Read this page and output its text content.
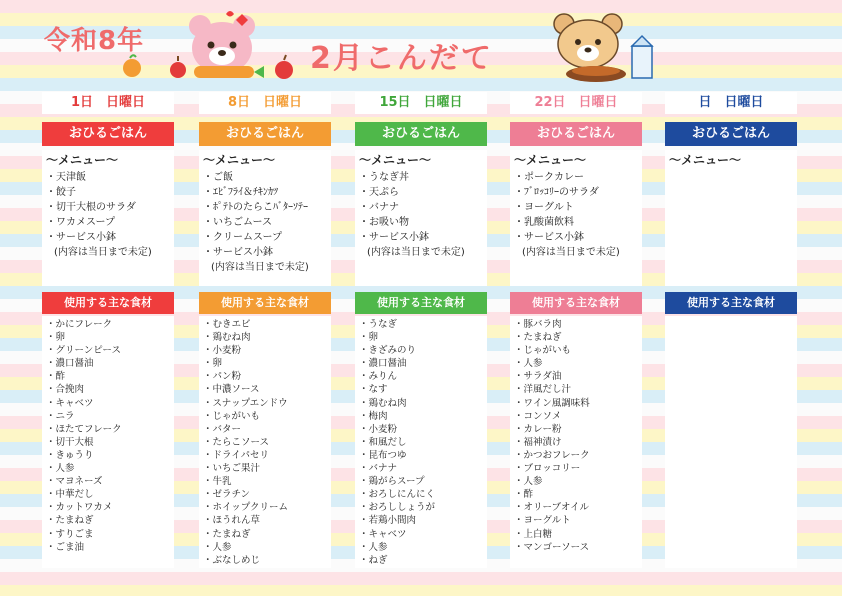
令和8年	2月こんだて
1日　日曜日
おひるごはん
～メニュー～
・天津飯
・餃子
・切干大根のサラダ
・ワカメスープ
・サービス小鉢
(内容は当日まで未定)
使用する主な食材
・かにフレーク
・卵
・グリーンピース
・濃口醤油
・酢
・合挽肉
・キャベツ
・ニラ
・ほたてフレーク
・切干大根
・きゅうり
・人参
・マヨネーズ
・中華だし
・カットワカメ
・たまねぎ
・すりごま
・ごま油
8日　日曜日
おひるごはん
～メニュー～
・ご飯
・ｴﾋﾞﾌﾗｲ＆ﾁｷﾝｶﾂ
・ﾎﾟﾃﾄのたらこﾊﾞﾀｰｿﾃｰ
・いちごムース
・クリームスープ
・サービス小鉢
(内容は当日まで未定)
使用する主な食材
・むきエビ
・鶏むね肉
・小麦粉
・卵
・パン粉
・中濃ソース
・スナップエンドウ
・じゃがいも
・バター
・たらこソース
・ドライパセリ
・いちご果汁
・牛乳
・ゼラチン
・ホイップクリーム
・ほうれん草
・たまねぎ
・人参
・ぶなしめじ
15日　日曜日
おひるごはん
～メニュー～
・うなぎ丼
・天ぷら
・バナナ
・お吸い物
・サービス小鉢
(内容は当日まで未定)
使用する主な食材
・うなぎ
・卵
・きざみのり
・濃口醤油
・みりん
・なす
・鶏むね肉
・梅肉
・小麦粉
・和風だし
・昆布つゆ
・バナナ
・鶏がらスープ
・おろしにんにく
・おろししょうが
・若鶏小間肉
・キャベツ
・人参
・ねぎ
22日　日曜日
おひるごはん
～メニュー～
・ポークカレー
・ﾌﾞﾛｯｺﾘｰのサラダ
・ヨーグルト
・乳酸菌飲料
・サービス小鉢
(内容は当日まで未定)
使用する主な食材
・豚バラ肉
・たまねぎ
・じゃがいも
・人参
・サラダ油
・洋風だし汁
・ワイン風調味料
・コンソメ
・カレー粉
・福神漬け
・かつおフレーク
・ブロッコリー
・人参
・酢
・オリーブオイル
・ヨーグルト
・上白糖
・マンゴーソース
日　日曜日
おひるごはん
～メニュー～
使用する主な食材
